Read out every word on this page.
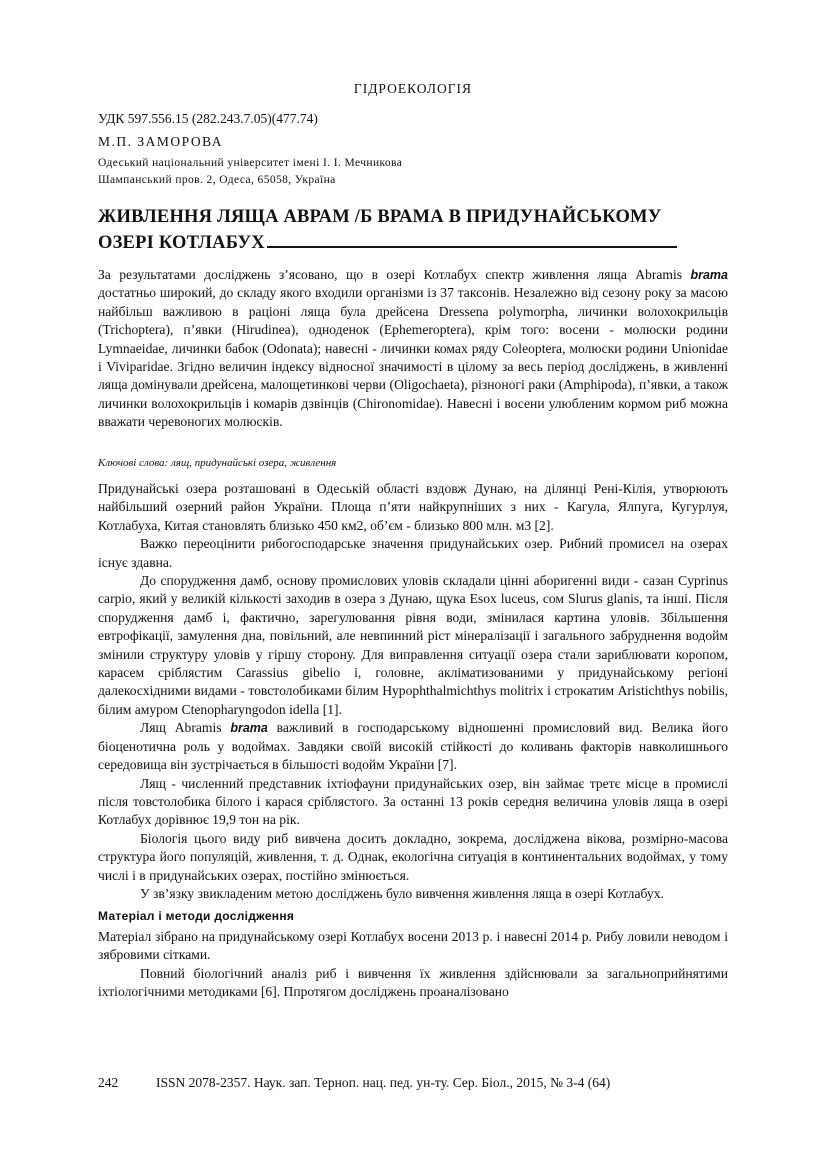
ГІДРОЕКОЛОГІЯ
УДК 597.556.15 (282.243.7.05)(477.74)
М.П. ЗАМОРОВА
Одеський національний університет імені І. І. Мечникова
Шампанський пров. 2, Одеса, 65058, Україна
ЖИВЛЕННЯ ЛЯЩА АВРАМ /Б ВРАМА В ПРИДУНАЙСЬКОМУ
ОЗЕРІ КОТЛАБУХ
За результатами досліджень з’ясовано, що в озері Котлабух спектр живлення ляща Abramis brama достатньо широкий, до складу якого входили організми із 37 таксонів. Незалежно від сезону року за масою найбільш важливою в раціоні ляща була дрейсена Dressena polymorpha, личинки волохокрильців (Trichoptera), п’явки (Hirudinea), одноденок (Ephemeroptera), крім того: восени - молюски родини Lymnaeidae, личинки бабок (Odonata); навесні - личинки комах ряду Coleoptera, молюски родини Unionidae і Viviparidae. Згідно величин індексу відносної значимості в цілому за весь період досліджень, в живленні ляща домінували дрейсена, малощетинкові черви (Oligochaeta), різноногі раки (Amphipoda), п’явки, а також личинки волохокрильців і комарів дзвінців (Chironomidae). Навесні і восени улюбленим кормом риб можна вважати черевоногих молюсків.
Ключові слова: лящ, придунайські озера, живлення

Придунайські озера розташовані в Одеській області вздовж Дунаю, на ділянці Рені-Кілія, утворюють найбільший озерний район України. Площа п’яти найкрупніших з них - Кагула, Ялпуга, Кугурлуя, Котлабуха, Китая становлять близько 450 км2, об’єм - близько 800 млн. м3 [2].

Важко переоцінити рибогосподарське значення придунайських озер. Рибний промисел на озерах існує здавна.

До спорудження дамб, основу промислових уловів складали цінні аборигенні види - сазан Cyprinus carpio, який у великій кількості заходив в озера з Дунаю, щука Esox luceus, сом Slurus glanis, та інші. Після спорудження дамб і, фактично, зарегулювання рівня води, змінилася картина уловів. Збільшення евтрофікації, замулення дна, повільний, але невпинний ріст мінералізації і загального забруднення водойм змінили структуру уловів у гіршу сторону. Для виправлення ситуації озера стали зариблювати коропом, карасем сріблястим Carassius gibelio і, головне, акліматизованими у придунайському регіоні далекосхідними видами - товстолобиками білим Hypophthalmichthys molitrix і строкатим Aristichthys nobilis, білим амуром Ctenopharyngodon idella [1].

Лящ Abramis brama важливий в господарському відношенні промисловий вид. Велика його біоценотична роль у водоймах. Завдяки своїй високій стійкості до коливань факторів навколишнього середовища він зустрічається в більшості водойм України [7].

Лящ - численний представник іхтіофауни придунайських озер, він займає третє місце в промислі після товстолобика білого і карася сріблястого. За останні 13 років середня величина уловів ляща в озері Котлабух дорівнює 19,9 тон на рік.

Біологія цього виду риб вивчена досить докладно, зокрема, досліджена вікова, розмірно-масова структура його популяцій, живлення, т. д. Однак, екологічна ситуація в континентальних водоймах, у тому числі і в придунайських озерах, постійно змінюється.

У зв’язку звикладеним метою досліджень було вивчення живлення ляща в озері Котлабух.

Матеріал і методи дослідження

Матеріал зібрано на придунайському озері Котлабух восени 2013 р. і навесні 2014 р. Рибу ловили неводом і зябровими сітками.

Повний біологічний аналіз риб і вивчення їх живлення здійснювали за загальноприйнятими іхтіологічними методиками [6]. Ппротягом досліджень проаналізовано

242	ISSN 2078-2357. Наук. зап. Терноп. нац. пед. ун-ту. Сер. Біол., 2015, № 3-4 (64)
